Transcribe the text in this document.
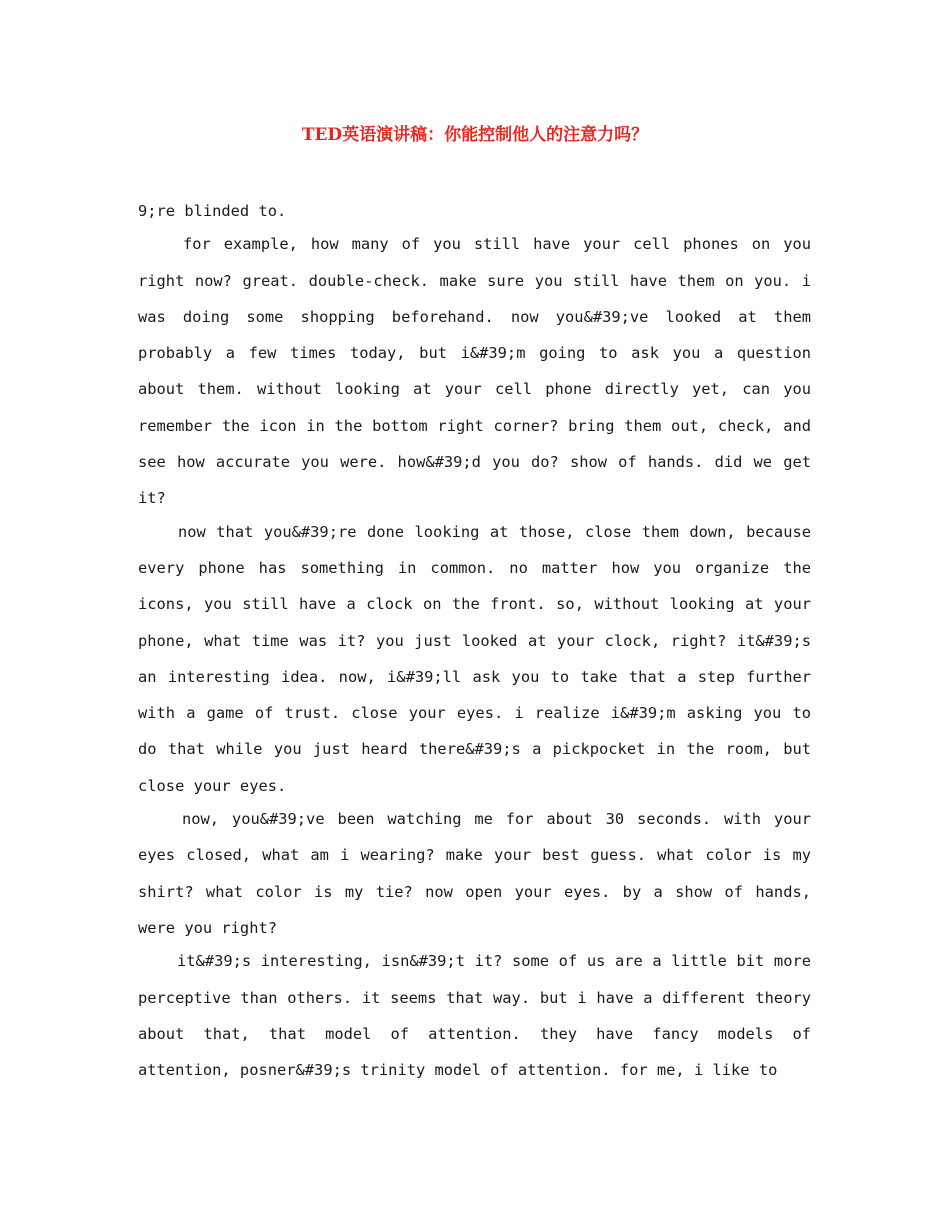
TED英语演讲稿：你能控制他人的注意力吗？

9;re blinded to.

for example, how many of you still have your cell phones on you right now? great. double-check. make sure you still have them on you. i was doing some shopping beforehand. now you&#39;ve looked at them probably a few times today, but i&#39;m going to ask you a question about them. without looking at your cell phone directly yet, can you remember the icon in the bottom right corner? bring them out, check, and see how accurate you were. how&#39;d you do? show of hands. did we get it?

now that you&#39;re done looking at those, close them down, because every phone has something in common. no matter how you organize the icons, you still have a clock on the front. so, without looking at your phone, what time was it? you just looked at your clock, right? it&#39;s an interesting idea. now, i&#39;ll ask you to take that a step further with a game of trust. close your eyes. i realize i&#39;m asking you to do that while you just heard there&#39;s a pickpocket in the room, but close your eyes.

now, you&#39;ve been watching me for about 30 seconds. with your eyes closed, what am i wearing? make your best guess. what color is my shirt? what color is my tie? now open your eyes. by a show of hands, were you right?

it&#39;s interesting, isn&#39;t it? some of us are a little bit more perceptive than others. it seems that way. but i have a different theory about that, that model of attention. they have fancy models of attention, posner&#39;s trinity model of attention. for me, i like to
